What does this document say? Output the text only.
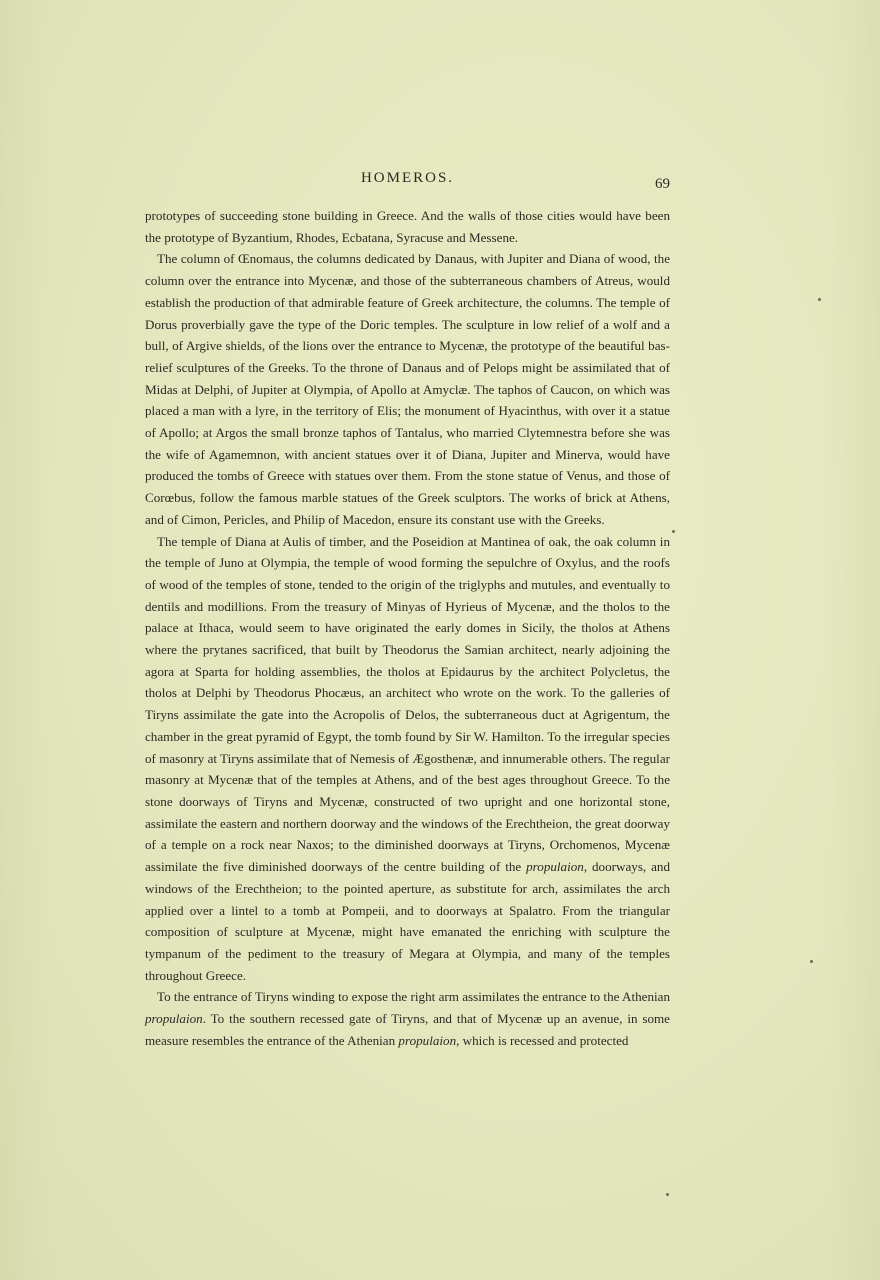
HOMEROS.	69

prototypes of succeeding stone building in Greece. And the walls of those cities would have been the prototype of Byzantium, Rhodes, Ecbatana, Syracuse and Messene.

The column of Œnomaus, the columns dedicated by Danaus, with Jupiter and Diana of wood, the column over the entrance into Mycenæ, and those of the subterraneous chambers of Atreus, would establish the production of that admirable feature of Greek architecture, the columns. The temple of Dorus proverbially gave the type of the Doric temples. The sculpture in low relief of a wolf and a bull, of Argive shields, of the lions over the entrance to Mycenæ, the prototype of the beautiful bas-relief sculptures of the Greeks. To the throne of Danaus and of Pelops might be assimilated that of Midas at Delphi, of Jupiter at Olympia, of Apollo at Amyclæ. The taphos of Caucon, on which was placed a man with a lyre, in the territory of Elis; the monument of Hyacinthus, with over it a statue of Apollo; at Argos the small bronze taphos of Tantalus, who married Clytemnestra before she was the wife of Agamemnon, with ancient statues over it of Diana, Jupiter and Minerva, would have produced the tombs of Greece with statues over them. From the stone statue of Venus, and those of Corœbus, follow the famous marble statues of the Greek sculptors. The works of brick at Athens, and of Cimon, Pericles, and Philip of Macedon, ensure its constant use with the Greeks.

The temple of Diana at Aulis of timber, and the Poseidion at Mantinea of oak, the oak column in the temple of Juno at Olympia, the temple of wood forming the sepulchre of Oxylus, and the roofs of wood of the temples of stone, tended to the origin of the triglyphs and mutules, and eventually to dentils and modillions. From the treasury of Minyas of Hyrieus of Mycenæ, and the tholos to the palace at Ithaca, would seem to have originated the early domes in Sicily, the tholos at Athens where the prytanes sacrificed, that built by Theodorus the Samian architect, nearly adjoining the agora at Sparta for holding assemblies, the tholos at Epidaurus by the architect Polycletus, the tholos at Delphi by Theodorus Phocæus, an architect who wrote on the work. To the galleries of Tiryns assimilate the gate into the Acropolis of Delos, the subterraneous duct at Agrigentum, the chamber in the great pyramid of Egypt, the tomb found by Sir W. Hamilton. To the irregular species of masonry at Tiryns assimilate that of Nemesis of Ægosthenæ, and innumerable others. The regular masonry at Mycenæ that of the temples at Athens, and of the best ages throughout Greece. To the stone doorways of Tiryns and Mycenæ, constructed of two upright and one horizontal stone, assimilate the eastern and northern doorway and the windows of the Erechtheion, the great doorway of a temple on a rock near Naxos; to the diminished doorways at Tiryns, Orchomenos, Mycenæ assimilate the five diminished doorways of the centre building of the propulaion, doorways, and windows of the Erechtheion; to the pointed aperture, as substitute for arch, assimilates the arch applied over a lintel to a tomb at Pompeii, and to doorways at Spalatro. From the triangular composition of sculpture at Mycenæ, might have emanated the enriching with sculpture the tympanum of the pediment to the treasury of Megara at Olympia, and many of the temples throughout Greece.

To the entrance of Tiryns winding to expose the right arm assimilates the entrance to the Athenian propulaion. To the southern recessed gate of Tiryns, and that of Mycenæ up an avenue, in some measure resembles the entrance of the Athenian propulaion, which is recessed and protected
